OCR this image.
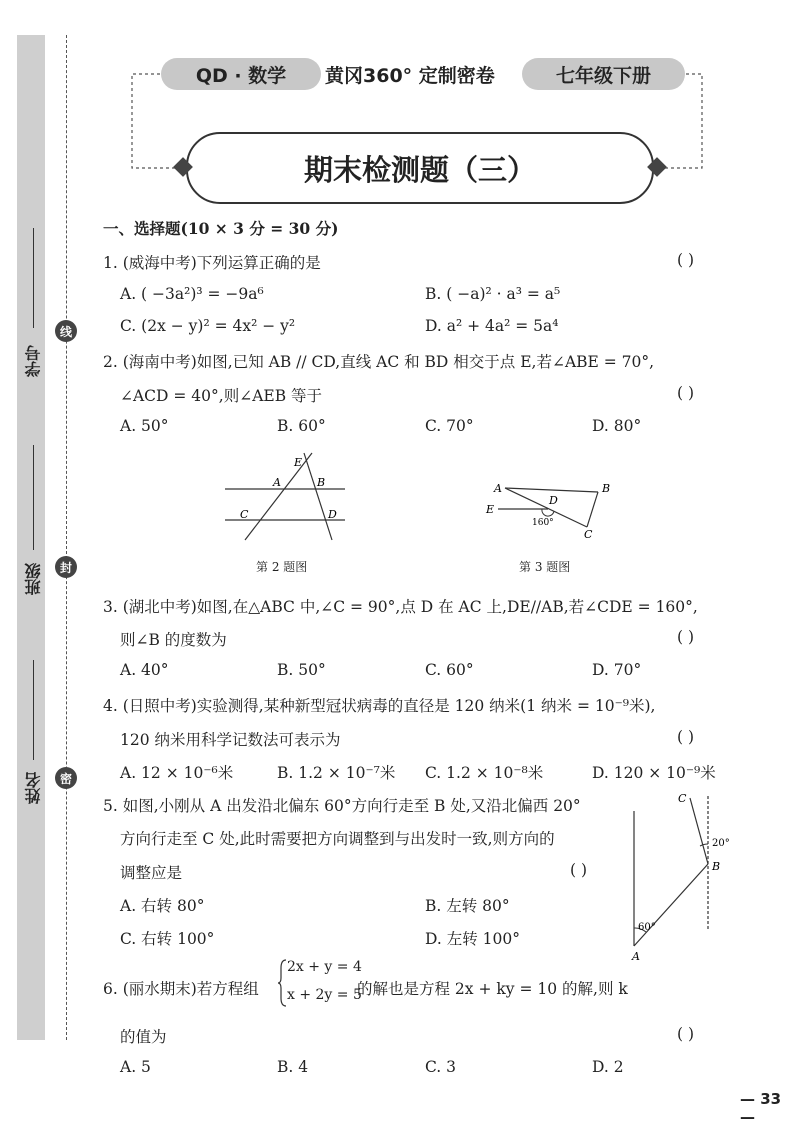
学号
班级
姓名
线
封
密
QD · 数学	黄冈360° 定制密卷	七年级下册
期末检测题（三）
一、选择题(10 × 3 分 = 30 分)
1. (威海中考)下列运算正确的是	( )
A. ( −3a²)³ = −9a⁶	B. ( −a)² · a³ = a⁵
C. (2x − y)² = 4x² − y²	D. a² + 4a² = 5a⁴
2. (海南中考)如图,已知 AB // CD,直线 AC 和 BD 相交于点 E,若∠ABE = 70°,
∠ACD = 40°,则∠AEB 等于	( )
A. 50°	B. 60°	C. 70°	D. 80°
E
A	B
C	D
第 2 题图
A	B
D
E
C
160°
第 3 题图
3. (湖北中考)如图,在△ABC 中,∠C = 90°,点 D 在 AC 上,DE//AB,若∠CDE = 160°,
则∠B 的度数为	( )
A. 40°	B. 50°	C. 60°	D. 70°
4. (日照中考)实验测得,某种新型冠状病毒的直径是 120 纳米(1 纳米 = 10⁻⁹米),
120 纳米用科学记数法可表示为	( )
A. 12 × 10⁻⁶米	B. 1.2 × 10⁻⁷米 C. 1.2 × 10⁻⁸米	D. 120 × 10⁻⁹米
5. 如图,小刚从 A 出发沿北偏东 60°方向行走至 B 处,又沿北偏西 20°
方向行走至 C 处,此时需要把方向调整到与出发时一致,则方向的
调整应是	( )
A. 右转 80°	B. 左转 80°
C. 右转 100°	D. 左转 100°
C
20°
B
60°
A
6. (丽水期末)若方程组
2x + y = 4
x + 2y = 5
的解也是方程 2x + ky = 10 的解,则 k
的值为	( )
A. 5	B. 4	C. 3	D. 2
— 33 —
